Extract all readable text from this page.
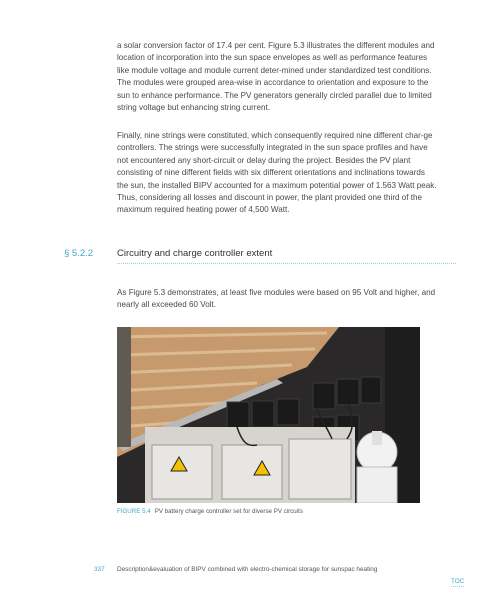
a solar conversion factor of 17.4 per cent. Figure 5.3 illustrates the different modules and location of incorporation into the sun space envelopes as well as performance features like module voltage and module current deter-mined under standardized test conditions. The modules were grouped area-wise in accordance to orientation and exposure to the sun to enhance performance. The PV generators generally circled parallel due to limited string voltage but enhancing string current.

Finally, nine strings were constituted, which consequently required nine different char-ge controllers. The strings were successfully integrated in the sun space profiles and have not encountered any short-circuit or delay during the project. Besides the PV plant consisting of nine different fields with six different orientations and inclinations towards the sun, the installed BIPV accounted for a maximum potential power of 1.563 Watt peak. Thus, considering all losses and discount in power, the plant provided one third of the maximum required heating power of 4,500 Watt.

§ 5.2.2	Circuitry and charge controller extent

As Figure 5.3 demonstrates, at least five modules were based on 95 Volt and higher, and nearly all exceeded 60 Volt.

FIGURE 5.4 PV battery charge controller set for diverse PV circuits
337 Description&evaluation of BIPV combined with electro-chemical storage for sunspac heating
TOC
